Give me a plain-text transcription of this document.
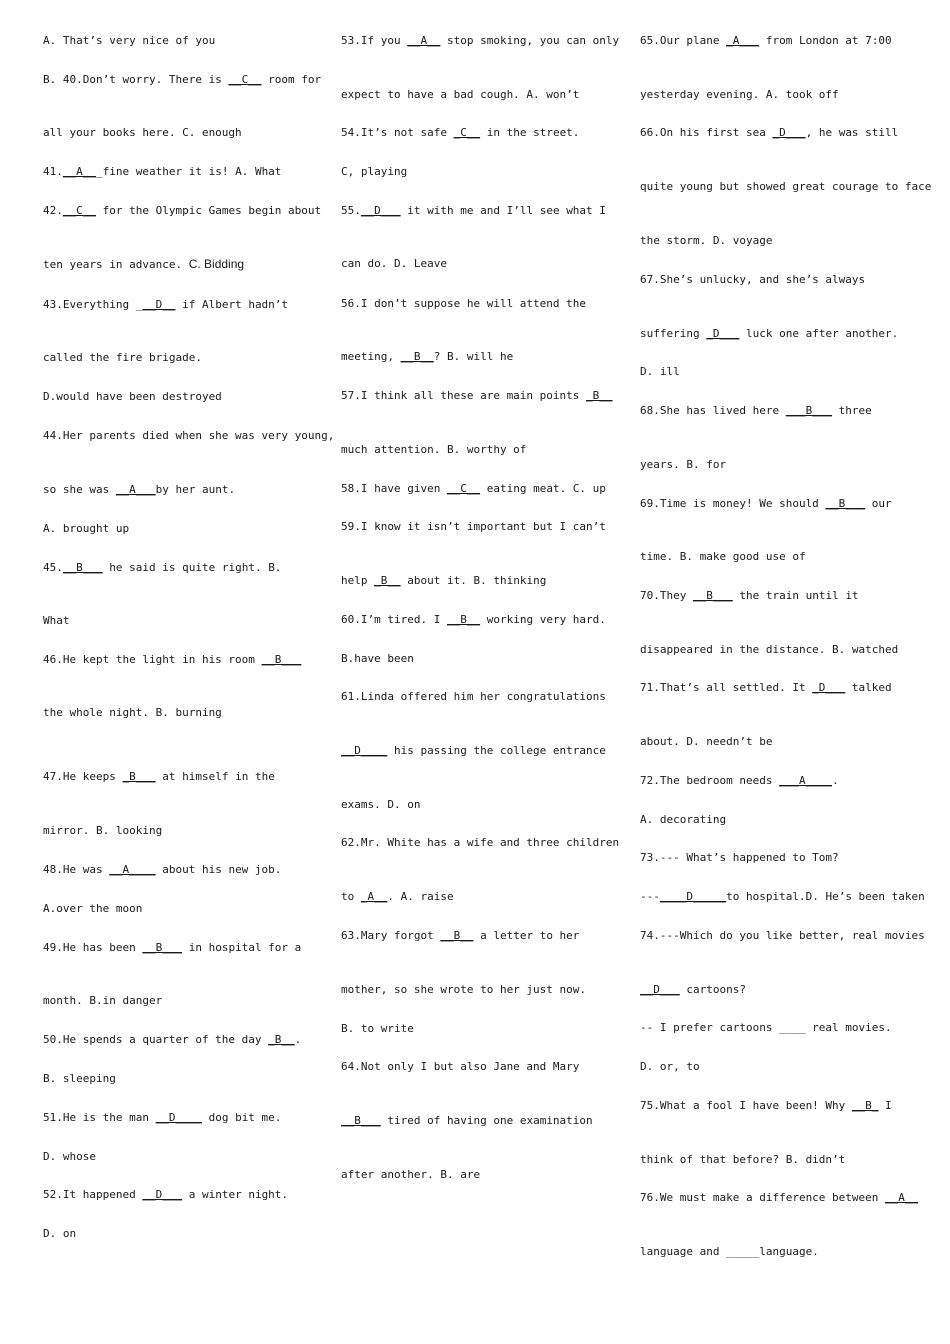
A. That’s very nice of you
B. 40.Don’t worry. There is __C__ room for
all your books here. C. enough
41.__A___fine weather it is! A. What
42.__C__ for the Olympic Games begin about
ten years in advance. C. Bidding
43.Everything ___D__ if Albert hadn’t
called the fire brigade.
D.would have been destroyed
44.Her parents died when she was very young,
so she was __A___by her aunt.
A. brought up
45.__B___ he said is quite right. B.
What
46.He kept the light in his room __B___
the whole night. B. burning
47.He keeps _B___ at himself in the
mirror. B. looking
48.He was __A____ about his new job.
A.over the moon
49.He has been __B___ in hospital for a
month. B.in danger
50.He spends a quarter of the day _B__.
B. sleeping
51.He is the man __D____ dog bit me.
D. whose
52.It happened __D___ a winter night.
D. on
53.If you __A__ stop smoking, you can only
expect to have a bad cough. A. won’t
54.It’s not safe _C__ in the street.
C, playing
55.__D___ it with me and I’ll see what I
can do. D. Leave
56.I don’t suppose he will attend the
meeting, __B__? B. will he
57.I think all these are main points _B__
much attention. B. worthy of
58.I have given __C__ eating meat. C. up
59.I know it isn’t important but I can’t
help _B__ about it. B. thinking
60.I’m tired. I __B__ working very hard.
B.have been
61.Linda offered him her congratulations
__D____ his passing the college entrance
exams. D. on
62.Mr. White has a wife and three children
to _A__. A. raise
63.Mary forgot __B__ a letter to her
mother, so she wrote to her just now.
B. to write
64.Not only I but also Jane and Mary
__B___ tired of having one examination
after another. B. are
65.Our plane _A___ from London at 7:00
yesterday evening. A. took off
66.On his first sea _D___, he was still
quite young but showed great courage to face
the storm. D. voyage
67.She’s unlucky, and she’s always
suffering _D___ luck one after another.
D. ill
68.She has lived here ___B___ three
years. B. for
69.Time is money! We should __B___ our
time. B. make good use of
70.They __B___ the train until it
disappeared in the distance. B. watched
71.That’s all settled. It _D___ talked
about. D. needn’t be
72.The bedroom needs ___A____.
A. decorating
73.--- What’s happened to Tom?
---____D_____to hospital.D. He’s been taken
74.---Which do you like better, real movies
__D___ cartoons?
-- I prefer cartoons ____ real movies.
D. or, to
75.What a fool I have been! Why __B_ I
think of that before? B. didn’t
76.We must make a difference between __A__
language and _____language.
